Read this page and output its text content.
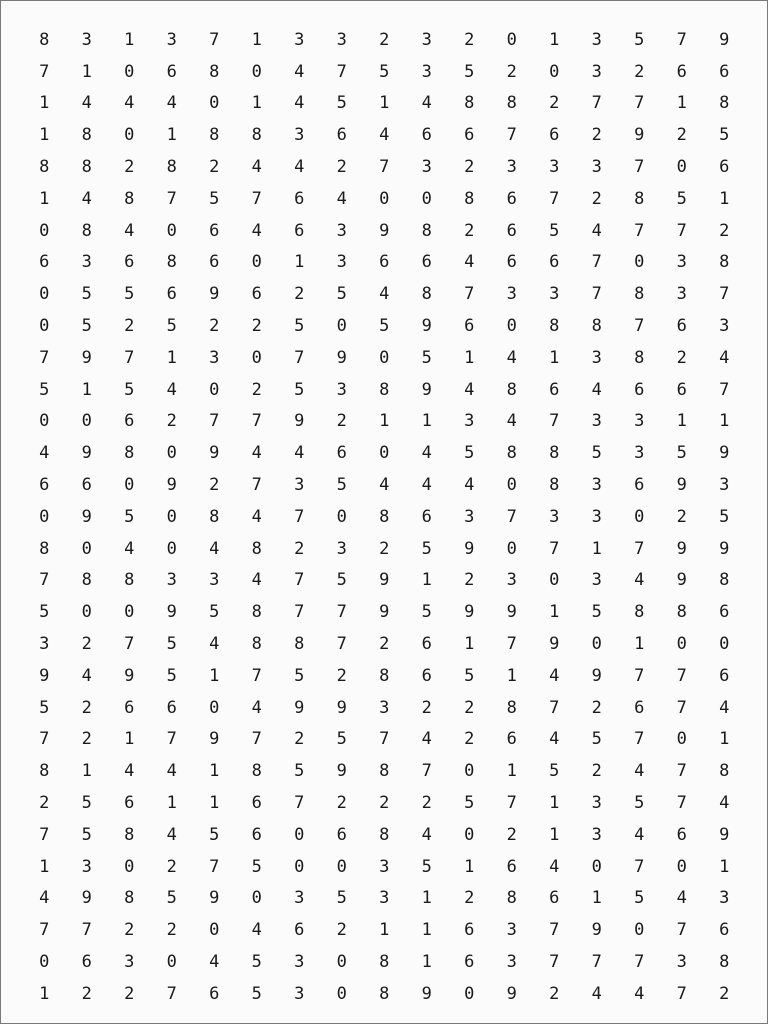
8	3	1	3	7	1	3	3	2	3	2	0	1	3	5	7	9
7	1	0	6	8	0	4	7	5	3	5	2	0	3	2	6	6
1	4	4	4	0	1	4	5	1	4	8	8	2	7	7	1	8
1	8	0	1	8	8	3	6	4	6	6	7	6	2	9	2	5
8	8	2	8	2	4	4	2	7	3	2	3	3	3	7	0	6
1	4	8	7	5	7	6	4	0	0	8	6	7	2	8	5	1
0	8	4	0	6	4	6	3	9	8	2	6	5	4	7	7	2
6	3	6	8	6	0	1	3	6	6	4	6	6	7	0	3	8
0	5	5	6	9	6	2	5	4	8	7	3	3	7	8	3	7
0	5	2	5	2	2	5	0	5	9	6	0	8	8	7	6	3
7	9	7	1	3	0	7	9	0	5	1	4	1	3	8	2	4
5	1	5	4	0	2	5	3	8	9	4	8	6	4	6	6	7
0	0	6	2	7	7	9	2	1	1	3	4	7	3	3	1	1
4	9	8	0	9	4	4	6	0	4	5	8	8	5	3	5	9
6	6	0	9	2	7	3	5	4	4	4	0	8	3	6	9	3
0	9	5	0	8	4	7	0	8	6	3	7	3	3	0	2	5
8	0	4	0	4	8	2	3	2	5	9	0	7	1	7	9	9
7	8	8	3	3	4	7	5	9	1	2	3	0	3	4	9	8
5	0	0	9	5	8	7	7	9	5	9	9	1	5	8	8	6
3	2	7	5	4	8	8	7	2	6	1	7	9	0	1	0	0
9	4	9	5	1	7	5	2	8	6	5	1	4	9	7	7	6
5	2	6	6	0	4	9	9	3	2	2	8	7	2	6	7	4
7	2	1	7	9	7	2	5	7	4	2	6	4	5	7	0	1
8	1	4	4	1	8	5	9	8	7	0	1	5	2	4	7	8
2	5	6	1	1	6	7	2	2	2	5	7	1	3	5	7	4
7	5	8	4	5	6	0	6	8	4	0	2	1	3	4	6	9
1	3	0	2	7	5	0	0	3	5	1	6	4	0	7	0	1
4	9	8	5	9	0	3	5	3	1	2	8	6	1	5	4	3
7	7	2	2	0	4	6	2	1	1	6	3	7	9	0	7	6
0	6	3	0	4	5	3	0	8	1	6	3	7	7	7	3	8
1	2	2	7	6	5	3	0	8	9	0	9	2	4	4	7	2
